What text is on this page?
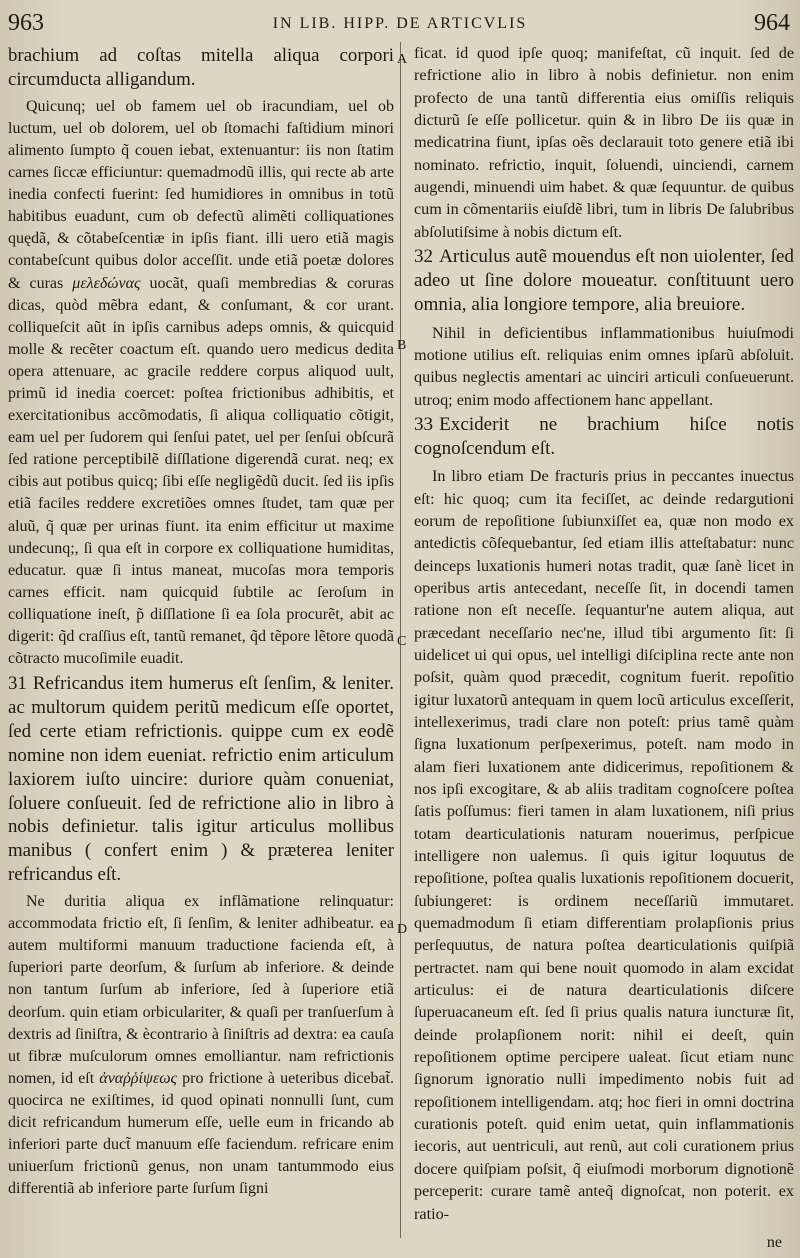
963	IN LIB. HIPP. DE ARTICVLIS	964
A
B
C
D

brachium ad coſtas mitella aliqua corpori circumducta alligandum.

Quicunq; uel ob famem uel ob iracundiam, uel ob luctum, uel ob dolorem, uel ob ſtomachi faſtidium minori alimento ſumpto q̃ couen iebat, extenuantur: iis non ſtatim carnes ſiccæ efficiuntur: quemadmodũ illis, qui recte ab arte inedia confecti fuerint: ſed humidiores in omnibus in totũ habitibus euadunt, cum ob defectũ alimẽti colliquationes quędã, & cõtabeſcentiæ in ipſis fiant. illi uero etiã magis contabeſcunt quibus dolor acceſſit. unde etiã poetæ dolores & curas μελεδώνας uocãt, quaſi membredias & coruras dicas, quòd mẽbra edant, & conſumant, & cor urant. colliqueſcit aũt in ipſis carnibus adeps omnis, & quicquid molle & recẽter coactum eſt. quando uero medicus dedita opera attenuare, ac gracile reddere corpus aliquod uult, primũ id inedia coercet: poſtea frictionibus adhibitis, et exercitationibus accõmodatis, ſi aliqua colliquatio cõtigit, eam uel per ſudorem qui ſenſui patet, uel per ſenſui obſcurã ſed ratione perceptibilẽ diſſlatione digerendã curat. neq; ex cibis aut potibus quicq; ſibi eſſe negligẽdũ ducit. ſed iis ipſis etiã faciles reddere excretiões omnes ſtudet, tam quæ per aluũ, q̃ quæ per urinas fiunt. ita enim efficitur ut maxime undecunq;, ſi qua eſt in corpore ex colliquatione humiditas, educatur. quæ ſi intus maneat, mucoſas mora temporis carnes efficit. nam quicquid ſubtile ac ſeroſum in colliquatione ineſt, p̃ diſſlatione ſi ea ſola procurẽt, abit ac digerit: q̃d craſſius eſt, tantũ remanet, q̃d tẽpore lẽtore quodã cõtracto mucoſimile euadit.

31 Refricandus item humerus eſt ſenſim, & leniter. ac multorum quidem peritũ medicum eſſe oportet, ſed certe etiam refrictionis. quippe cum ex eodẽ nomine non idem eueniat. refrictio enim articulum laxiorem iuſto uincire: duriore quàm conueniat, ſoluere conſueuit. ſed de refrictione alio in libro à nobis definietur. talis igitur articulus mollibus manibus ( confert enim ) & præterea leniter refricandus eſt.

Ne duritia aliqua ex inflãmatione relinquatur: accommodata frictio eſt, ſi ſenſim, & leniter adhibeatur. ea autem multiformi manuum traductione facienda eſt, à ſuperiori parte deorſum, & ſurſum ab inferiore. & deinde non tantum ſurſum ab inferiore, ſed à ſuperiore etiã deorſum. quin etiam orbiculariter, & quaſi per tranſuerſum à dextris ad ſiniſtra, & ècontrario à ſiniſtris ad dextra: ea cauſa ut fibræ muſculorum omnes emolliantur. nam refrictionis nomen, id eſt ἀναῤῥίψεως pro frictione à ueteribus dicebat̃. quocirca ne exiſtimes, id quod opinati nonnulli ſunt, cum dicit refricandum humerum eſſe, uelle eum in fricando ab inferiori parte duct̃ manuum eſſe faciendum. refricare enim uniuerſum frictionũ genus, non unam tantummodo eius differentiã ab inferiore parte ſurſum ſigni

ficat. id quod ipſe quoq; manifeſtat, cũ inquit. ſed de refrictione alio in libro à nobis definietur. non enim profecto de una tantũ differentia eius omiſſis reliquis dicturũ ſe eſſe pollicetur. quin & in libro De iis quæ in medicatrina fiunt, ipſas oẽs declarauit toto genere etiã ibi nominato. refrictio, inquit, ſoluendi, uinciendi, carnem augendi, minuendi uim habet. & quæ ſequuntur. de quibus cum in cõmentariis eiuſdẽ libri, tum in libris De ſalubribus abſolutiſsime à nobis dictum eſt.

32 Articulus autẽ mouendus eſt non uiolenter, ſed adeo ut ſine dolore moueatur. conſtituunt uero omnia, alia longiore tempore, alia breuiore.

Nihil in deficientibus inflammationibus huiuſmodi motione utilius eſt. reliquias enim omnes ipſarũ abſoluit. quibus neglectis amentari ac uinciri articuli conſueuerunt. utroq; enim modo affectionem hanc appellant.

33 Exciderit ne brachium hiſce notis cognoſcendum eſt.

In libro etiam De fracturis prius in peccantes inuectus eſt: hic quoq; cum ita feciſſet, ac deinde redargutioni eorum de repoſitione ſubiunxiſſet ea, quæ non modo ex antedictis cõſequebantur, ſed etiam illis atteſtabatur: nunc deinceps luxationis humeri notas tradit, quæ ſanè licet in operibus artis antecedant, neceſſe ſit, in docendi tamen ratione non eſt neceſſe. ſequantur'ne autem aliqua, aut præcedant neceſſario nec'ne, illud tibi argumento ſit: ſi uidelicet ui qui opus, uel intelligi diſciplina recte ante non poſsit, quàm quod præcedit, cognitum fuerit. repoſitio igitur luxatorũ antequam in quem locũ articulus exceſſerit, intellexerimus, tradi clare non poteſt: prius tamẽ quàm ſigna luxationum perſpexerimus, poteſt. nam modo in alam fieri luxationem ante didicerimus, repoſitionem & nos ipſi excogitare, & ab aliis traditam cognoſcere poſtea ſatis poſſumus: fieri tamen in alam luxationem, niſi prius totam dearticulationis naturam nouerimus, perſpicue intelligere non ualemus. ſi quis igitur loquutus de repoſitione, poſtea qualis luxationis repoſitionem docuerit, ſubiungeret: is ordinem neceſſariũ immutaret. quemadmodum ſi etiam differentiam prolapſionis prius perſequutus, de natura poſtea dearticulationis quiſpiã pertractet. nam qui bene nouit quomodo in alam excidat articulus: ei de natura dearticulationis diſcere ſuperuacaneum eſt. ſed ſi prius qualis natura iuncturæ ſit, deinde prolapſionem norit: nihil ei deeſt, quin repoſitionem optime percipere ualeat. ſicut etiam nunc ſignorum ignoratio nulli impedimento nobis fuit ad repoſitionem intelligendam. atq; hoc fieri in omni doctrina curationis poteſt. quid enim uetat, quin inflammationis iecoris, aut uentriculi, aut renũ, aut coli curationem prius docere quiſpiam poſsit, q̃ eiuſmodi morborum dignotionẽ perceperit: curare tamẽ anteq̃ dignoſcat, non poterit. ex ratio-

ne
